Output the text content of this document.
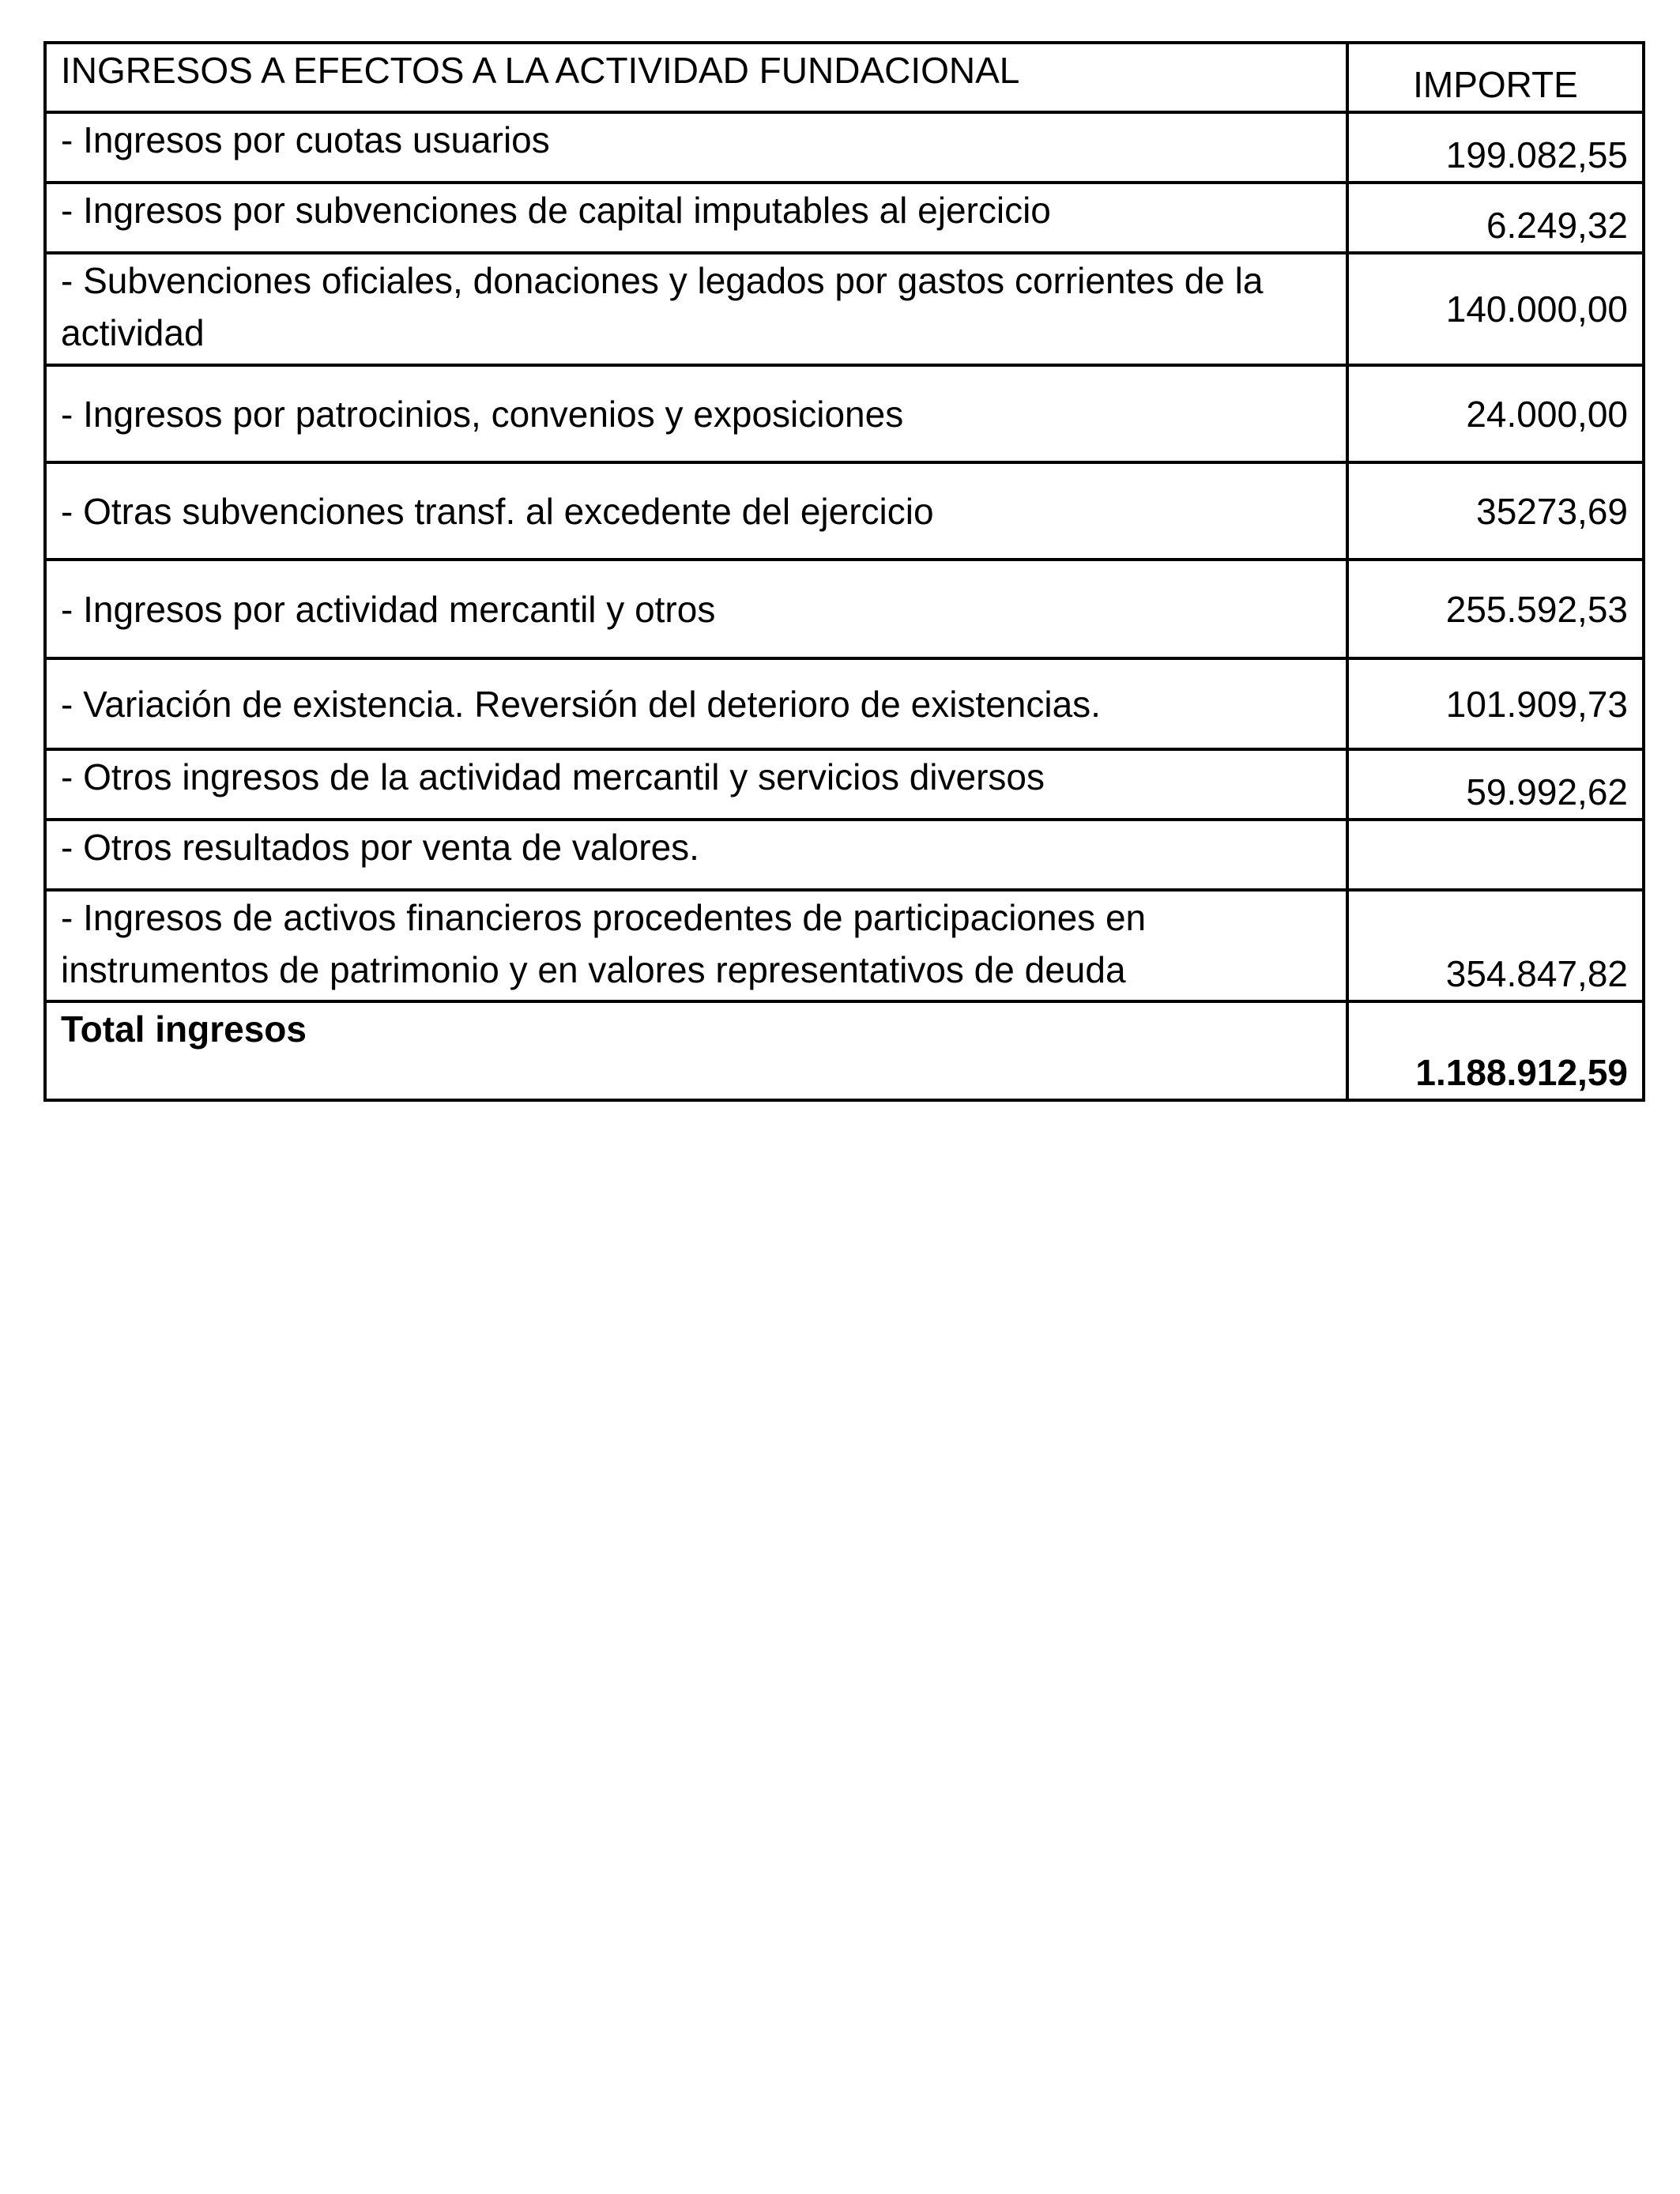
INGRESOS A EFECTOS A LA ACTIVIDAD FUNDACIONAL	IMPORTE
- Ingresos por cuotas usuarios	199.082,55
- Ingresos por subvenciones de capital imputables al ejercicio	6.249,32
- Subvenciones oficiales, donaciones y legados por gastos corrientes de la actividad	140.000,00
- Ingresos por patrocinios, convenios y exposiciones	24.000,00
- Otras subvenciones transf. al excedente del ejercicio	35273,69
- Ingresos por actividad mercantil y otros	255.592,53
- Variación de existencia. Reversión del deterioro de existencias.	101.909,73
- Otros ingresos de la actividad mercantil y servicios diversos	59.992,62
- Otros resultados por venta de valores.	
- Ingresos de activos financieros procedentes de participaciones en instrumentos de patrimonio y en valores representativos de deuda	354.847,82
Total ingresos	1.188.912,59
